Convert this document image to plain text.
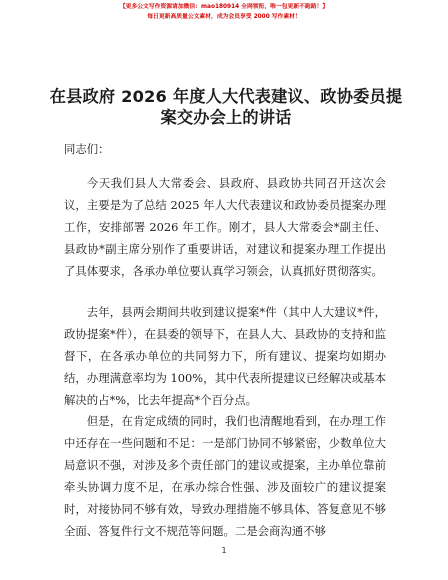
【更多公文写作资源请加微信：mao180914 全网领衔，唯一包更新不跑路！】
每日更新高质量公文素材，成为会员享受 2000 写作素材！
在县政府 2026 年度人大代表建议、政协委员提
案交办会上的讲话
同志们：

今天我们县人大常委会、县政府、县政协共同召开这次会议，主要是为了总结 2025 年人大代表建议和政协委员提案办理工作，安排部署 2026 年工作。刚才，县人大常委会*副主任、县政协*副主席分别作了重要讲话，对建议和提案办理工作提出了具体要求，各承办单位要认真学习领会，认真抓好贯彻落实。

去年，县两会期间共收到建议提案*件（其中人大建议*件，政协提案*件），在县委的领导下，在县人大、县政协的支持和监督下，在各承办单位的共同努力下，所有建议、提案均如期办结，办理满意率均为 100%，其中代表所提建议已经解决或基本解决的占*%，比去年提高*个百分点。

但是，在肯定成绩的同时，我们也清醒地看到，在办理工作中还存在一些问题和不足：一是部门协同不够紧密，少数单位大局意识不强，对涉及多个责任部门的建议或提案，主办单位靠前牵头协调力度不足，在承办综合性强、涉及面较广的建议提案时，对接协同不够有效，导致办理措施不够具体、答复意见不够全面、答复件行文不规范等问题。二是会商沟通不够

1
